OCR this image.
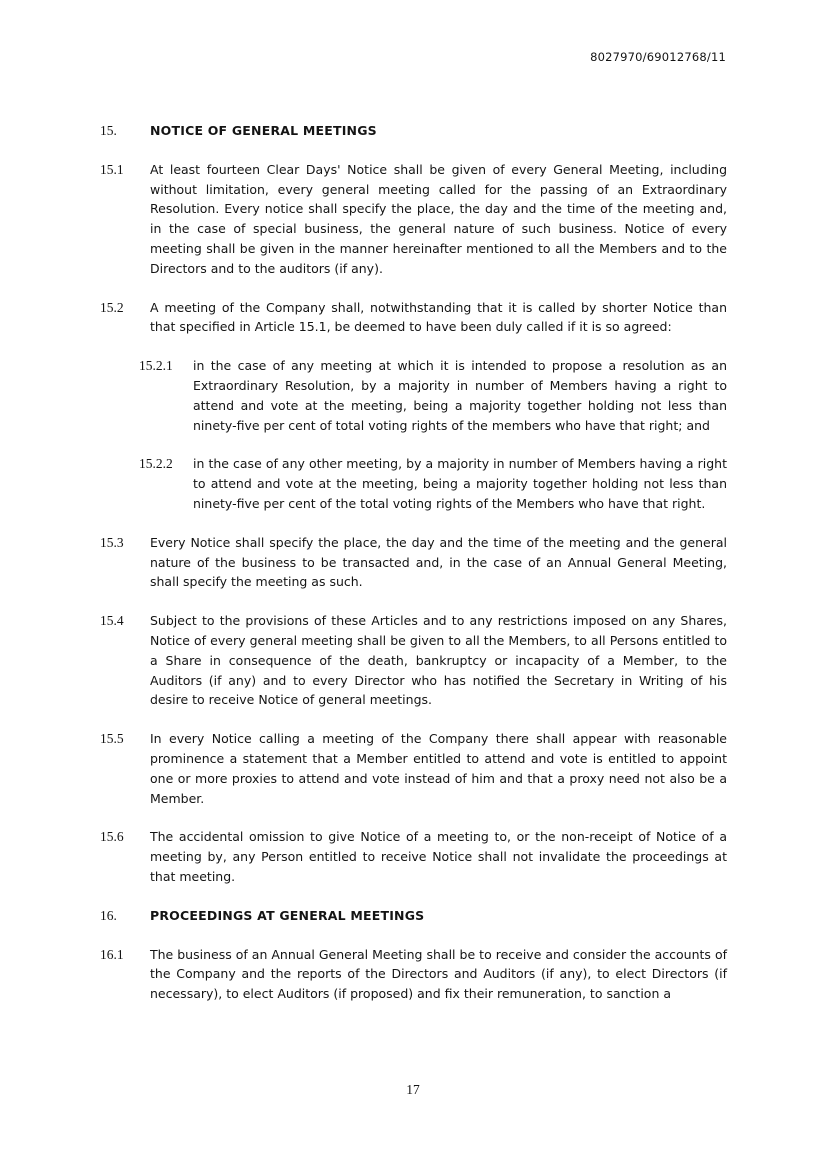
8027970/69012768/11
15.	NOTICE OF GENERAL MEETINGS
15.1	At least fourteen Clear Days' Notice shall be given of every General Meeting, including without limitation, every general meeting called for the passing of an Extraordinary Resolution. Every notice shall specify the place, the day and the time of the meeting and, in the case of special business, the general nature of such business. Notice of every meeting shall be given in the manner hereinafter mentioned to all the Members and to the Directors and to the auditors (if any).
15.2	A meeting of the Company shall, notwithstanding that it is called by shorter Notice than that specified in Article 15.1, be deemed to have been duly called if it is so agreed:
15.2.1	in the case of any meeting at which it is intended to propose a resolution as an Extraordinary Resolution, by a majority in number of Members having a right to attend and vote at the meeting, being a majority together holding not less than ninety-five per cent of total voting rights of the members who have that right; and
15.2.2	in the case of any other meeting, by a majority in number of Members having a right to attend and vote at the meeting, being a majority together holding not less than ninety-five per cent of the total voting rights of the Members who have that right.
15.3	Every Notice shall specify the place, the day and the time of the meeting and the general nature of the business to be transacted and, in the case of an Annual General Meeting, shall specify the meeting as such.
15.4	Subject to the provisions of these Articles and to any restrictions imposed on any Shares, Notice of every general meeting shall be given to all the Members, to all Persons entitled to a Share in consequence of the death, bankruptcy or incapacity of a Member, to the Auditors (if any) and to every Director who has notified the Secretary in Writing of his desire to receive Notice of general meetings.
15.5	In every Notice calling a meeting of the Company there shall appear with reasonable prominence a statement that a Member entitled to attend and vote is entitled to appoint one or more proxies to attend and vote instead of him and that a proxy need not also be a Member.
15.6	The accidental omission to give Notice of a meeting to, or the non-receipt of Notice of a meeting by, any Person entitled to receive Notice shall not invalidate the proceedings at that meeting.
16.	PROCEEDINGS AT GENERAL MEETINGS
16.1	The business of an Annual General Meeting shall be to receive and consider the accounts of the Company and the reports of the Directors and Auditors (if any), to elect Directors (if necessary), to elect Auditors (if proposed) and fix their remuneration, to sanction a
17
